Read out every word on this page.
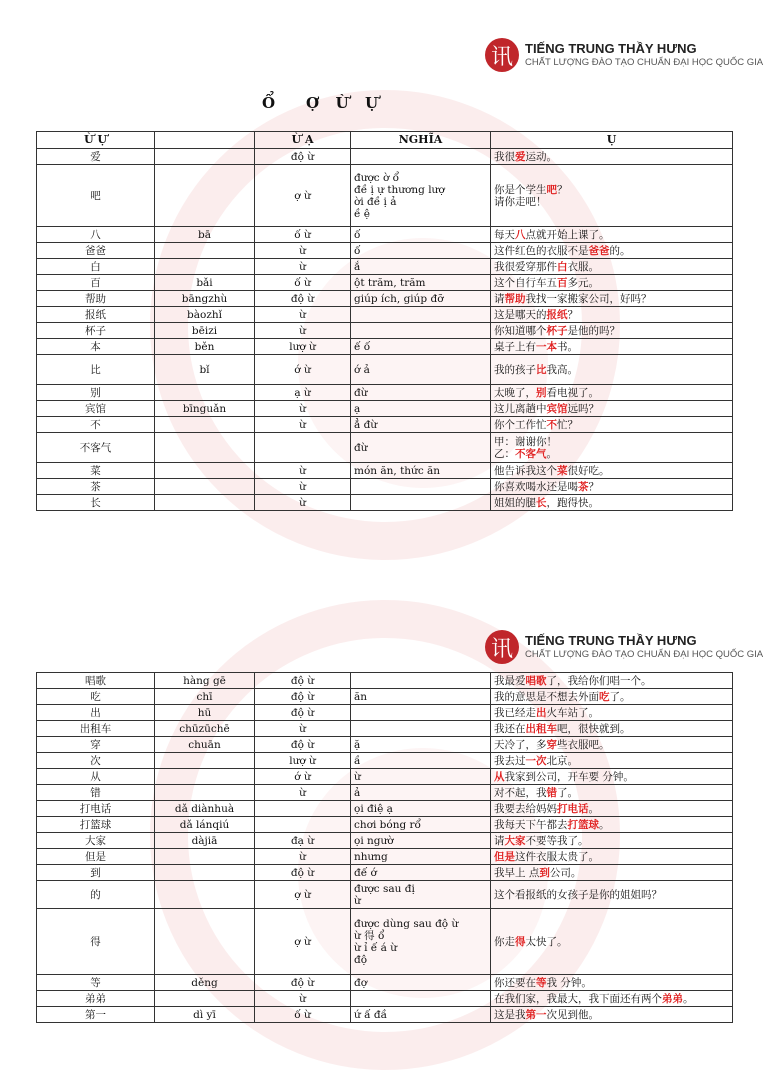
讯 TIẾNG TRUNG THẦY HƯNG
CHẤT LƯỢNG ĐÀO TẠO CHUẨN ĐẠI HỌC QUỐC GIA
Ổ    Ợ  Ừ  Ự
Ừ Ự		Ừ Ạ	NGHĨA	Ụ
爱		độ ừ		我很爱运动。
吧		ợ ừ	được ờ ổ
đề ị ự thương lượ
ời đề ị ả
ề ệ	你是个学生吧？
请你走吧！
八	bā	ố ừ	ố	每天八点就开始上课了。
爸爸		ừ	ố	这件红色的衣服不是爸爸的。
白		ừ	ắ	我很爱穿那件白衣服。
百	bǎi	ố ừ	ột trăm, trăm	这个自行车五百多元。
帮助	bāngzhù	độ ừ	giúp ích, giúp đỡ	请帮助我找一家搬家公司，好吗？
报纸	bàozhǐ	ừ		这是哪天的报纸？
杯子	bēizi	ừ		你知道哪个杯子是他的吗？
本	běn	lượ ừ	ế ố	桌子上有一本书。
比	bǐ	ớ ừ	ớ ả	我的孩子比我高。
别		ạ ừ	đừ	太晚了，别看电视了。
宾馆	bīnguǎn	ừ	ạ	这儿离趟中宾馆远吗？
不		ừ	ẳ đừ	你个工作忙不忙？
不客气			đừ	甲：谢谢你！
乙：不客气。
菜		ừ	món ăn, thức ăn	他告诉我这个菜很好吃。
茶		ừ		你喜欢喝水还是喝茶？
长		ừ		姐姐的腿长，跑得快。
讯 TIẾNG TRUNG THẦY HƯNG
CHẤT LƯỢNG ĐÀO TẠO CHUẨN ĐẠI HỌC QUỐC GIA
唱歌	hàng gē	độ ừ		我最爱唱歌了，我给你们唱一个。
吃	chī	độ ừ	ăn	我的意思是不想去外面吃了。
出	hū	độ ừ		我已经走出火车站了。
出租车	chūzūchē	ừ		我还在出租车吧，很快就到。
穿	chuān	độ ừ	ặ	天冷了，多穿些衣服吧。
次		lượ ừ	ầ	我去过一次北京。
从		ớ ừ	ừ	从我家到公司，开车要 分钟。
错		ừ	ả	对不起，我错了。
打电话	dǎ diànhuà		ọi điệ ạ	我要去给妈妈打电话。
打篮球	dǎ lánqiú		chơi bóng rổ	我每天下午都去打篮球。
大家	dàjiā	đạ ừ	ọi ngườ	请大家不要等我了。
但是		ừ	nhưng	但是这件衣服太贵了。
到		độ ừ	đế ớ	我早上 点到公司。
的		ợ ừ	được sau đị
ừ	这个看报纸的女孩子是你的姐姐吗？
得		ợ ừ	được dùng sau độ ừ
ừ 得 ổ
ừ ỉ ế á ừ
độ	你走得太快了。
等	děng	độ ừ	đợ	你还要在等我 分钟。
弟弟		ừ		在我们家，我最大，我下面还有两个弟弟。
第一	dì yī	ố ừ	ứ ấ đầ	这是我第一次见到他。
